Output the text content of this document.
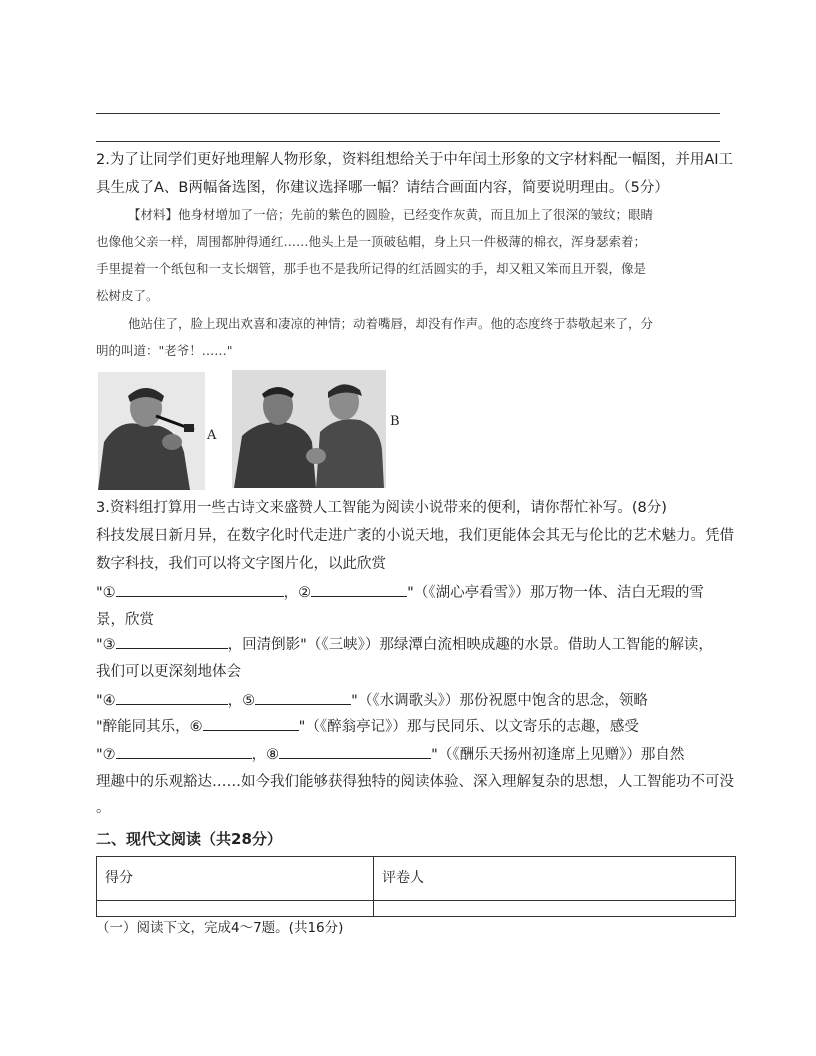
2.为了让同学们更好地理解人物形象，资料组想给关于中年闰土形象的文字材料配一幅图，并用AI工
具生成了A、B两幅备选图，你建议选择哪一幅？请结合画面内容，简要说明理由。（5分）
【材料】他身材增加了一倍；先前的紫色的圆脸，已经变作灰黄，而且加上了很深的皱纹；眼睛
也像他父亲一样，周围都肿得通红……他头上是一顶破毡帽，身上只一件极薄的棉衣，浑身瑟索着；
手里提着一个纸包和一支长烟管，那手也不是我所记得的红活圆实的手，却又粗又笨而且开裂，像是
松树皮了。
他站住了，脸上现出欢喜和凄凉的神情；动着嘴唇，却没有作声。他的态度终于恭敬起来了，分
明的叫道："老爷！……"
A
B
3.资料组打算用一些古诗文来盛赞人工智能为阅读小说带来的便利，请你帮忙补写。(8分)
科技发展日新月异，在数字化时代走进广袤的小说天地，我们更能体会其无与伦比的艺术魅力。凭借
数字科技，我们可以将文字图片化，以此欣赏
"①	，②	"（《湖心亭看雪》）那万物一体、洁白无瑕的雪
景，欣赏
"③	，回清倒影"（《三峡》）那绿潭白流相映成趣的水景。借助人工智能的解读，
我们可以更深刻地体会
"④	，⑤	"（《水调歌头》）那份祝愿中饱含的思念，领略
"醉能同其乐，⑥	"（《醉翁亭记》）那与民同乐、以文寄乐的志趣，感受
"⑦	，⑧	"（《酬乐天扬州初逢席上见赠》）那自然
理趣中的乐观豁达……如今我们能够获得独特的阅读体验、深入理解复杂的思想，人工智能功不可没
。
二、现代文阅读（共28分）
得分	评卷人

（一）阅读下文，完成4～7题。(共16分)
